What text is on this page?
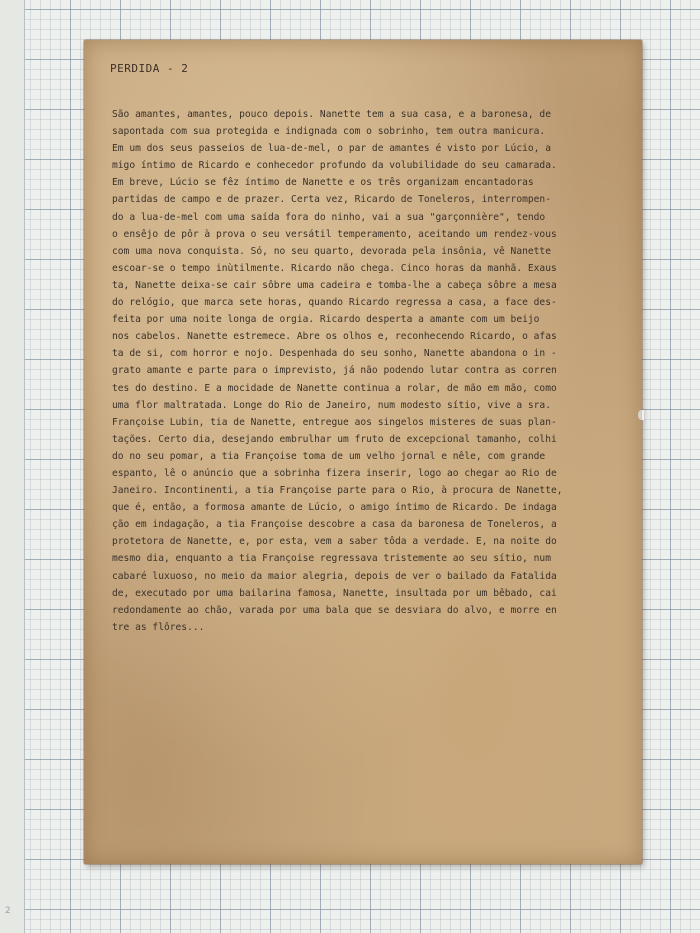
2
PERDIDA - 2
São amantes, amantes, pouco depois. Nanette tem a sua casa, e a baronesa, de
sapontada com sua protegida e indignada com o sobrinho, tem outra manicura.
Em um dos seus passeios de lua-de-mel, o par de amantes é visto por Lúcio, a
migo íntimo de Ricardo e conhecedor profundo da volubilidade do seu camarada.
Em breve, Lúcio se fêz íntimo de Nanette e os três organizam encantadoras
partidas de campo e de prazer. Certa vez, Ricardo de Toneleros, interrompen-
do a lua-de-mel com uma saída fora do ninho, vai a sua "garçonnière", tendo
o ensêjo de pôr à prova o seu versátil temperamento, aceitando um rendez-vous
com uma nova conquista. Só, no seu quarto, devorada pela insônia, vê Nanette
escoar-se o tempo inùtilmente. Ricardo não chega. Cinco horas da manhã. Exaus
ta, Nanette deixa-se cair sôbre uma cadeira e tomba-lhe a cabeça sôbre a mesa
do relógio, que marca sete horas, quando Ricardo regressa a casa, a face des-
feita por uma noite longa de orgia. Ricardo desperta a amante com um beijo
nos cabelos. Nanette estremece. Abre os olhos e, reconhecendo Ricardo, o afas
ta de si, com horror e nojo. Despenhada do seu sonho, Nanette abandona o in -
grato amante e parte para o imprevisto, já não podendo lutar contra as corren
tes do destino. E a mocidade de Nanette continua a rolar, de mão em mão, como
uma flor maltratada. Longe do Rio de Janeiro, num modesto sítio, vive a sra.
Françoise Lubin, tia de Nanette, entregue aos singelos misteres de suas plan-
tações. Certo dia, desejando embrulhar um fruto de excepcional tamanho, colhi
do no seu pomar, a tia Françoise toma de um velho jornal e nêle, com grande
espanto, lê o anúncio que a sobrinha fizera inserir, logo ao chegar ao Rio de
Janeiro. Incontinenti, a tia Françoise parte para o Rio, à procura de Nanette,
que é, então, a formosa amante de Lúcio, o amigo íntimo de Ricardo. De indaga
ção em indagação, a tia Françoise descobre a casa da baronesa de Toneleros, a
protetora de Nanette, e, por esta, vem a saber tôda a verdade. E, na noite do
mesmo dia, enquanto a tia Françoise regressava tristemente ao seu sítio, num
cabaré luxuoso, no meio da maior alegria, depois de ver o bailado da Fatalida
de, executado por uma bailarina famosa, Nanette, insultada por um bêbado, cai
redondamente ao chão, varada por uma bala que se desviara do alvo, e morre en
tre as flôres...
